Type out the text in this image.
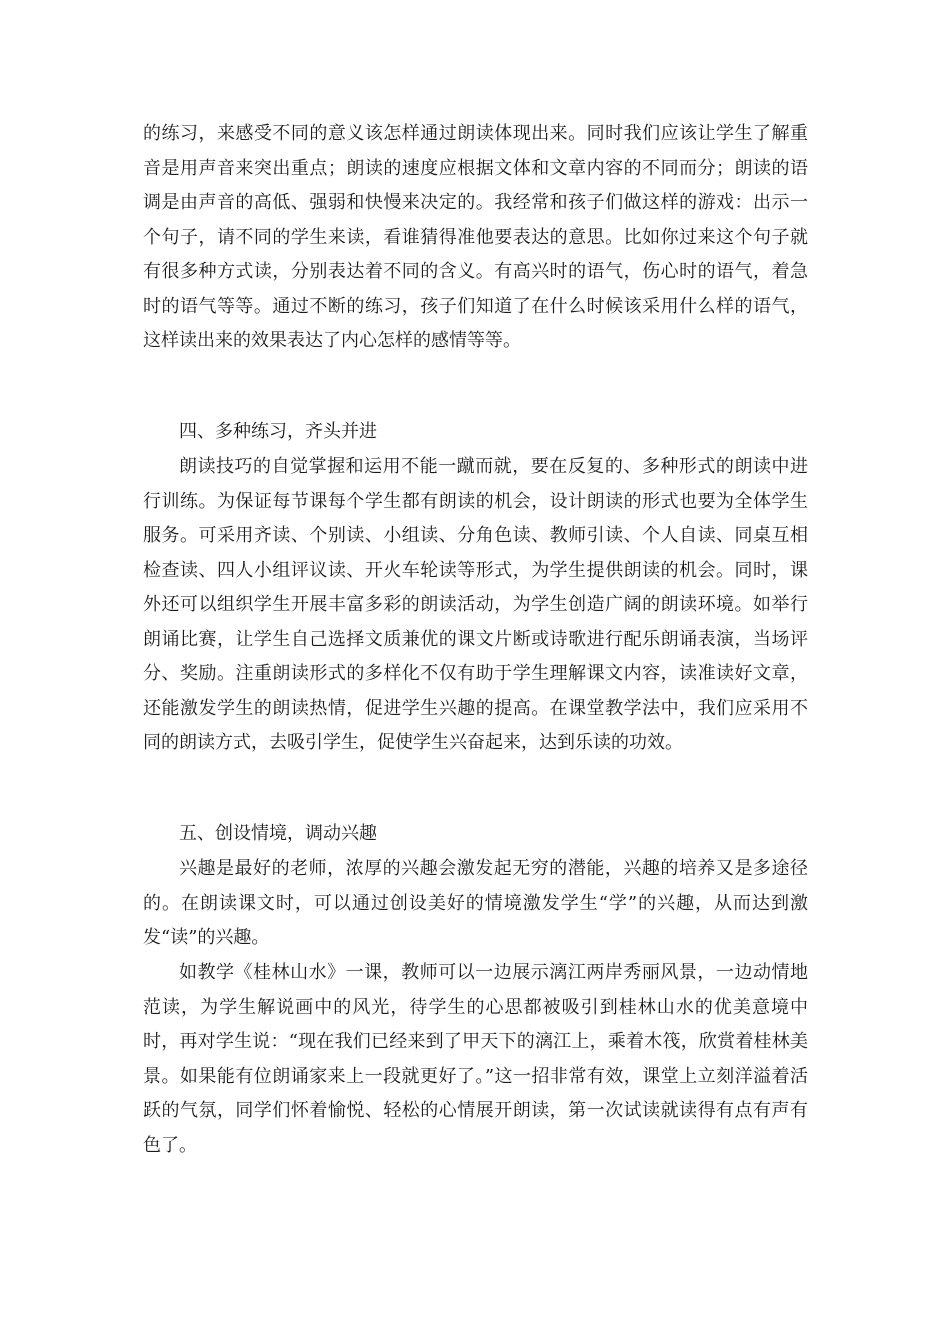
的练习，来感受不同的意义该怎样通过朗读体现出来。同时我们应该让学生了解重音是用声音来突出重点；朗读的速度应根据文体和文章内容的不同而分；朗读的语调是由声音的高低、强弱和快慢来决定的。我经常和孩子们做这样的游戏：出示一个句子，请不同的学生来读，看谁猜得准他要表达的意思。比如你过来这个句子就有很多种方式读，分别表达着不同的含义。有高兴时的语气，伤心时的语气，着急时的语气等等。通过不断的练习，孩子们知道了在什么时候该采用什么样的语气，这样读出来的效果表达了内心怎样的感情等等。

四、多种练习，齐头并进

朗读技巧的自觉掌握和运用不能一蹴而就，要在反复的、多种形式的朗读中进行训练。为保证每节课每个学生都有朗读的机会，设计朗读的形式也要为全体学生服务。可采用齐读、个别读、小组读、分角色读、教师引读、个人自读、同桌互相检查读、四人小组评议读、开火车轮读等形式，为学生提供朗读的机会。同时，课外还可以组织学生开展丰富多彩的朗读活动，为学生创造广阔的朗读环境。如举行朗诵比赛，让学生自己选择文质兼优的课文片断或诗歌进行配乐朗诵表演，当场评分、奖励。注重朗读形式的多样化不仅有助于学生理解课文内容，读准读好文章，还能激发学生的朗读热情，促进学生兴趣的提高。在课堂教学法中，我们应采用不同的朗读方式，去吸引学生，促使学生兴奋起来，达到乐读的功效。

五、创设情境，调动兴趣

兴趣是最好的老师，浓厚的兴趣会激发起无穷的潜能，兴趣的培养又是多途径的。在朗读课文时，可以通过创设美好的情境激发学生“学”的兴趣，从而达到激发“读”的兴趣。

如教学《桂林山水》一课，教师可以一边展示漓江两岸秀丽风景，一边动情地范读，为学生解说画中的风光，待学生的心思都被吸引到桂林山水的优美意境中时，再对学生说：“现在我们已经来到了甲天下的漓江上，乘着木筏，欣赏着桂林美景。如果能有位朗诵家来上一段就更好了。”这一招非常有效，课堂上立刻洋溢着活跃的气氛，同学们怀着愉悦、轻松的心情展开朗读，第一次试读就读得有点有声有色了。
